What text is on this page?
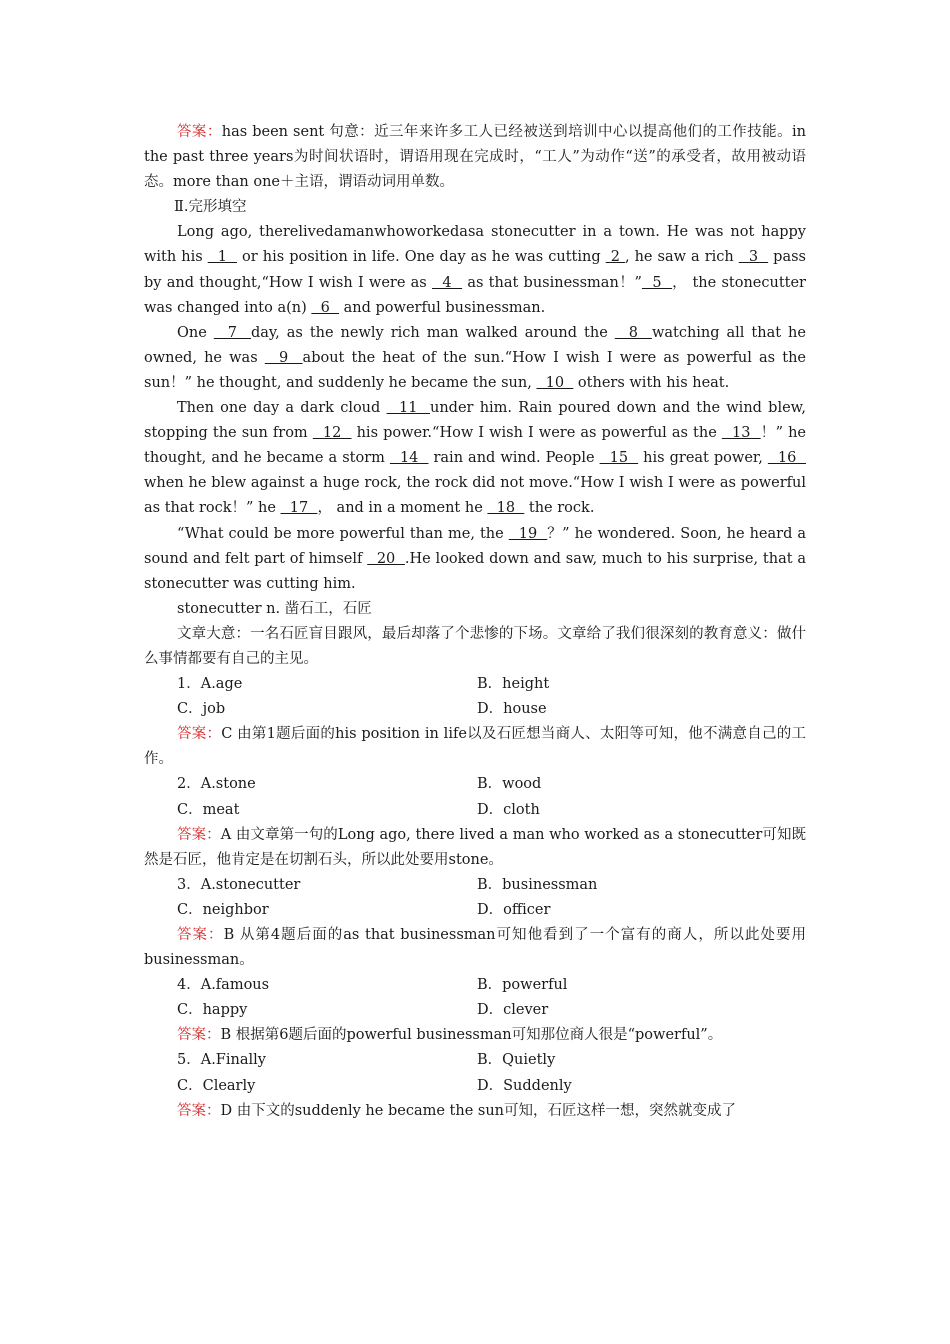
答案：has been sent 句意：近三年来许多工人已经被送到培训中心以提高他们的工作技能。in the past three years为时间状语时，谓语用现在完成时，“工人”为动作“送”的承受者，故用被动语态。more than one＋主语，谓语动词用单数。

Ⅱ.完形填空

Long ago, therelivedamanwhoworkedasa stonecutter in a town. He was not happy with his   1   or his position in life. One day as he was cutting  2 , he saw a rich   3   pass by and thought,“How I wish I were as   4   as that businessman！”  5  ， the stonecutter was changed into a(n)   6   and powerful businessman.

One   7  day, as the newly rich man walked around the   8  watching all that he owned, he was   9  about the heat of the sun.“How I wish I were as powerful as the sun！” he thought, and suddenly he became the sun,   10   others with his heat.

Then one day a dark cloud   11  under him. Rain poured down and the wind blew, stopping the sun from   12   his power.“How I wish I were as powerful as the   13  ！” he thought, and he became a storm   14   rain and wind. People   15   his great power,   16   when he blew against a huge rock, the rock did not move.“How I wish I were as powerful as that rock！” he   17  ， and in a moment he   18   the rock.

“What could be more powerful than me, the   19  ？” he wondered. Soon, he heard a sound and felt part of himself   20  .He looked down and saw, much to his surprise, that a stonecutter was cutting him.

stonecutter n. 凿石工，石匠

文章大意：一名石匠盲目跟风，最后却落了个悲惨的下场。文章给了我们很深刻的教育意义：做什么事情都要有自己的主见。

1．A.age	B．height
C．job	D．house

答案：C 由第1题后面的his position in life以及石匠想当商人、太阳等可知，他不满意自己的工作。

2．A.stone	B．wood
C．meat	D．cloth

答案：A 由文章第一句的Long ago, there lived a man who worked as a stonecutter可知既然是石匠，他肯定是在切割石头，所以此处要用stone。

3．A.stonecutter	B．businessman
C．neighbor	D．officer

答案：B 从第4题后面的as that businessman可知他看到了一个富有的商人，所以此处要用businessman。

4．A.famous	B．powerful
C．happy	D．clever

答案：B 根据第6题后面的powerful businessman可知那位商人很是“powerful”。

5．A.Finally	B．Quietly
C．Clearly	D．Suddenly

答案：D 由下文的suddenly he became the sun可知，石匠这样一想，突然就变成了
